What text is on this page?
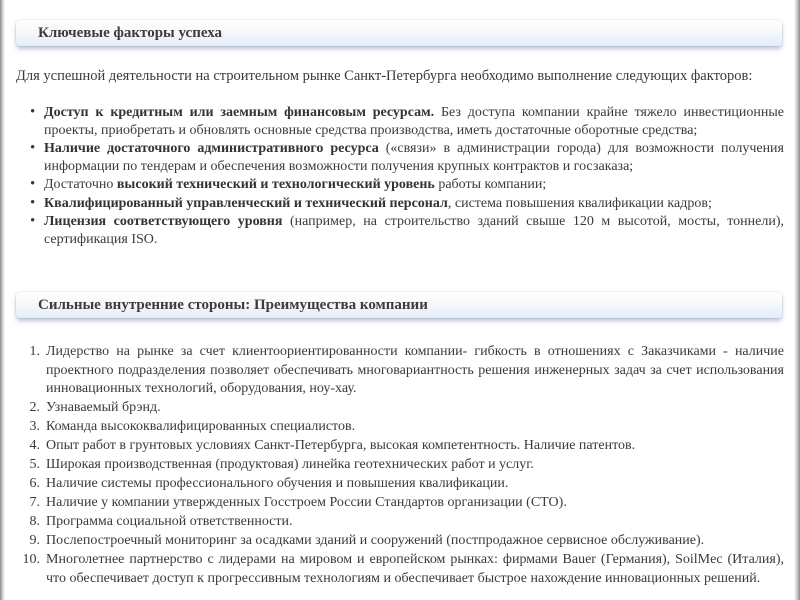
Ключевые факторы успеха
Для успешной деятельности на строительном рынке Санкт-Петербурга необходимо выполнение следующих факторов:
• Доступ к кредитным или заемным финансовым ресурсам. Без доступа компании крайне тяжело инвестиционные проекты, приобретать и обновлять основные средства производства, иметь достаточные оборотные средства;
• Наличие достаточного административного ресурса («связи» в администрации города) для возможности получения информации по тендерам и обеспечения возможности получения крупных контрактов и госзаказа;
• Достаточно высокий технический и технологический уровень работы компании;
• Квалифицированный управленческий и технический персонал, система повышения квалификации кадров;
• Лицензия соответствующего уровня (например, на строительство зданий свыше 120 м высотой, мосты, тоннели), сертификация ISO.
Сильные внутренние стороны: Преимущества компании
1. Лидерство на рынке за счет клиентоориентированности компании- гибкость в отношениях с Заказчиками - наличие проектного подразделения позволяет обеспечивать многовариантность решения инженерных задач за счет использования инновационных технологий, оборудования, ноу-хау.
2. Узнаваемый брэнд.
3. Команда высококвалифицированных специалистов.
4. Опыт работ в грунтовых условиях Санкт-Петербурга, высокая компетентность. Наличие патентов.
5. Широкая производственная (продуктовая) линейка геотехнических работ и услуг.
6. Наличие системы профессионального обучения и повышения квалификации.
7. Наличие у компании утвержденных Госстроем России Стандартов организации (СТО).
8. Программа социальной ответственности.
9. Послепостроечный мониторинг за осадками зданий и сооружений (постпродажное сервисное обслуживание).
10. Многолетнее партнерство с лидерами на мировом и европейском рынках: фирмами Bauer (Германия), SoilMec (Италия), что обеспечивает доступ к прогрессивным технологиям и обеспечивает быстрое нахождение инновационных решений.
